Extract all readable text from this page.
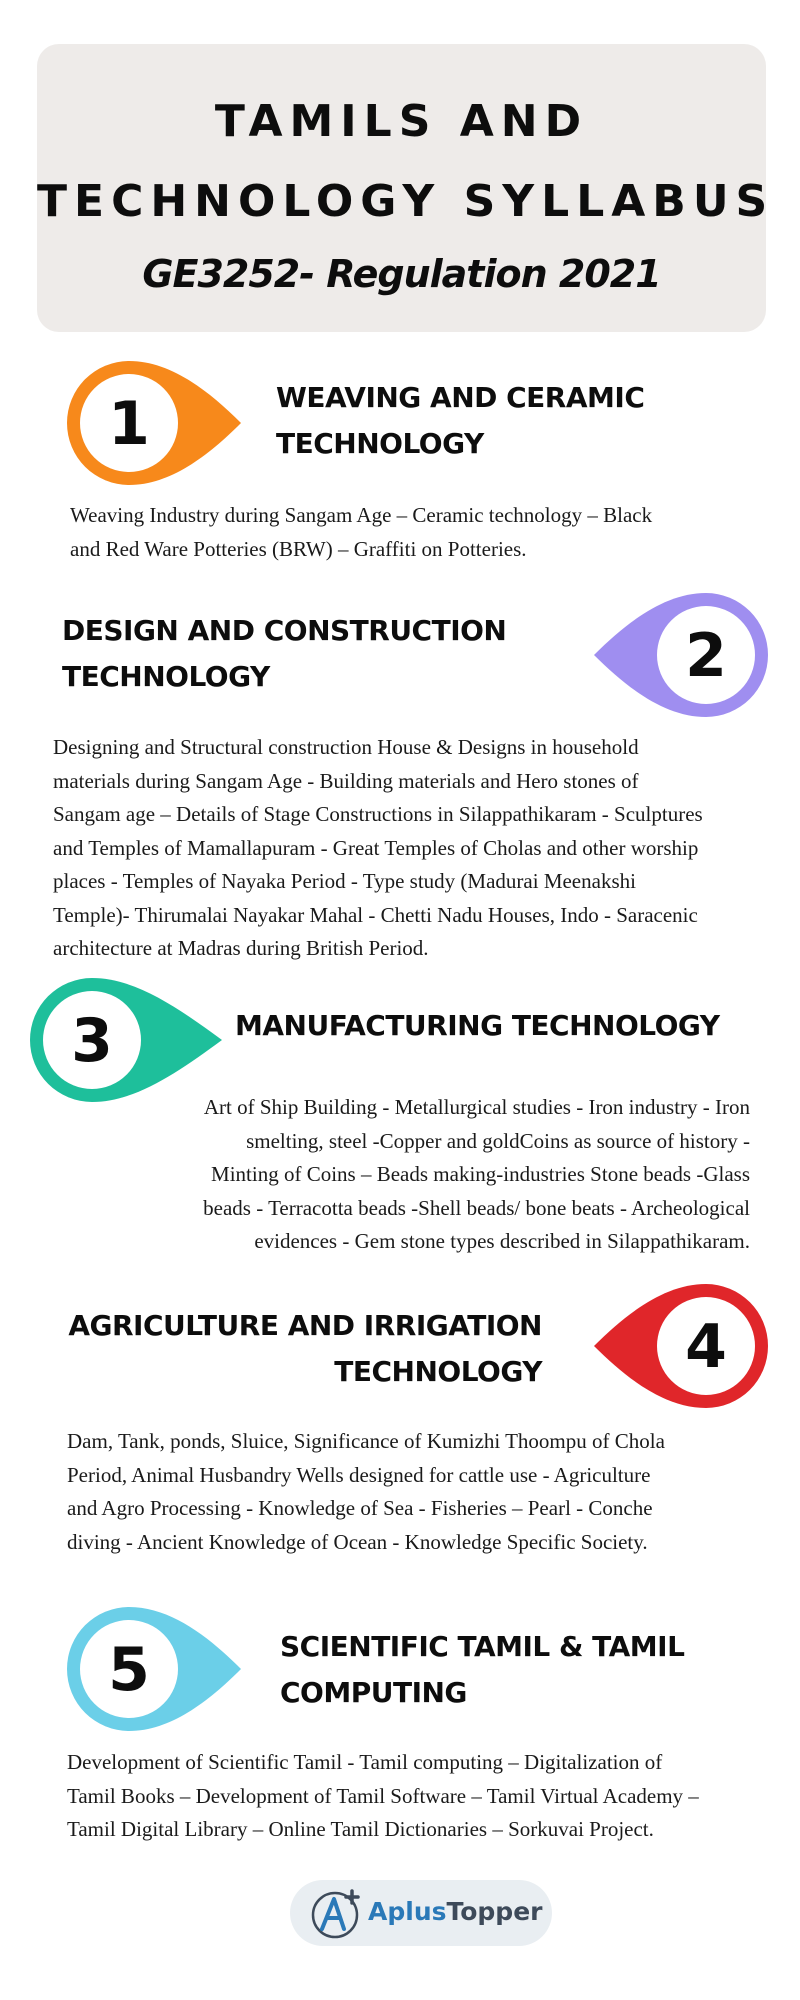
TAMILS AND
TECHNOLOGY SYLLABUS
GE3252- Regulation 2021
1	WEAVING AND CERAMIC
TECHNOLOGY
Weaving Industry during Sangam Age – Ceramic technology – Black
and Red Ware Potteries (BRW) – Graffiti on Potteries.
2
DESIGN AND CONSTRUCTION
TECHNOLOGY
Designing and Structural construction House & Designs in household
materials during Sangam Age - Building materials and Hero stones of
Sangam age – Details of Stage Constructions in Silappathikaram - Sculptures
and Temples of Mamallapuram - Great Temples of Cholas and other worship
places - Temples of Nayaka Period - Type study (Madurai Meenakshi
Temple)- Thirumalai Nayakar Mahal - Chetti Nadu Houses, Indo - Saracenic
architecture at Madras during British Period.
3	MANUFACTURING TECHNOLOGY
Art of Ship Building - Metallurgical studies - Iron industry - Iron
smelting, steel -Copper and goldCoins as source of history -
Minting of Coins – Beads making-industries Stone beads -Glass
beads - Terracotta beads -Shell beads/ bone beats - Archeological
evidences - Gem stone types described in Silappathikaram.
4
AGRICULTURE AND IRRIGATION
TECHNOLOGY
Dam, Tank, ponds, Sluice, Significance of Kumizhi Thoompu of Chola
Period, Animal Husbandry Wells designed for cattle use - Agriculture
and Agro Processing - Knowledge of Sea - Fisheries – Pearl - Conche
diving - Ancient Knowledge of Ocean - Knowledge Specific Society.
5	SCIENTIFIC TAMIL & TAMIL
COMPUTING
Development of Scientific Tamil - Tamil computing – Digitalization of
Tamil Books – Development of Tamil Software – Tamil Virtual Academy –
Tamil Digital Library – Online Tamil Dictionaries – Sorkuvai Project.
AplusTopper
